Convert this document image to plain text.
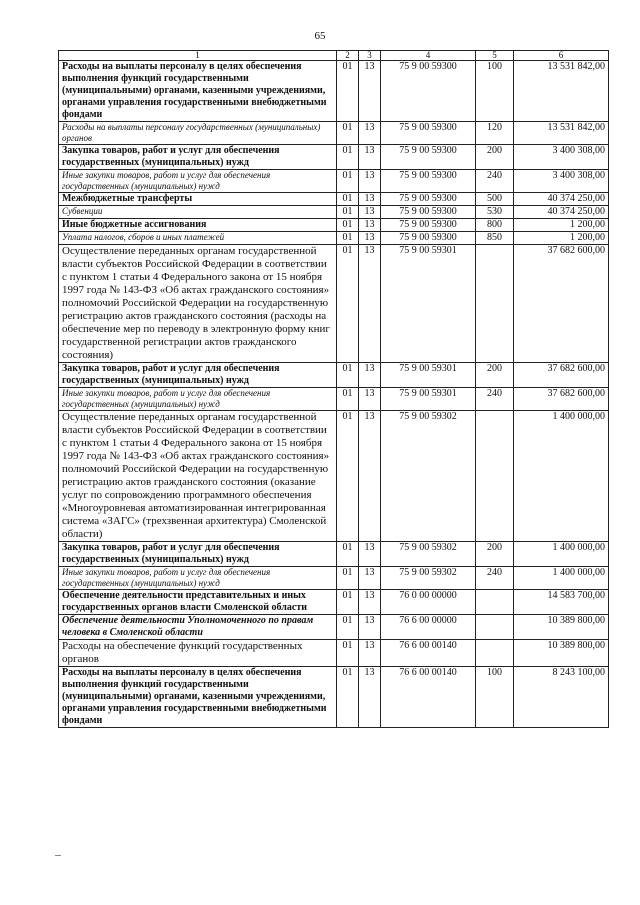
65
1	2	3	4	5	6
Расходы на выплаты персоналу в целях обеспечения выполнения функций государственными (муниципальными) органами, казенными учреждениями, органами управления государственными внебюджетными фондами	01	13	75 9 00 59300	100	13 531 842,00
Расходы на выплаты персоналу государственных (муниципальных) органов	01	13	75 9 00 59300	120	13 531 842,00
Закупка товаров, работ и услуг для обеспечения государственных (муниципальных) нужд	01	13	75 9 00 59300	200	3 400 308,00
Иные закупки товаров, работ и услуг для обеспечения государственных (муниципальных) нужд	01	13	75 9 00 59300	240	3 400 308,00
Межбюджетные трансферты	01	13	75 9 00 59300	500	40 374 250,00
Субвенции	01	13	75 9 00 59300	530	40 374 250,00
Иные бюджетные ассигнования	01	13	75 9 00 59300	800	1 200,00
Уплата налогов, сборов и иных платежей	01	13	75 9 00 59300	850	1 200,00
Осуществление переданных органам государственной власти субъектов Российской Федерации в соответствии с пунктом 1 статьи 4 Федерального закона от 15 ноября 1997 года № 143-ФЗ «Об актах гражданского состояния» полномочий Российской Федерации на государственную регистрацию актов гражданского состояния (расходы на обеспечение мер по переводу в электронную форму книг государственной регистрации актов гражданского состояния)	01	13	75 9 00 59301		37 682 600,00
Закупка товаров, работ и услуг для обеспечения государственных (муниципальных) нужд	01	13	75 9 00 59301	200	37 682 600,00
Иные закупки товаров, работ и услуг для обеспечения государственных (муниципальных) нужд	01	13	75 9 00 59301	240	37 682 600,00
Осуществление переданных органам государственной власти субъектов Российской Федерации в соответствии с пунктом 1 статьи 4 Федерального закона от 15 ноября 1997 года № 143-ФЗ «Об актах гражданского состояния» полномочий Российской Федерации на государственную регистрацию актов гражданского состояния (оказание услуг по сопровождению программного обеспечения «Многоуровневая автоматизированная интегрированная система «ЗАГС» (трехзвенная архитектура) Смоленской области)	01	13	75 9 00 59302		1 400 000,00
Закупка товаров, работ и услуг для обеспечения государственных (муниципальных) нужд	01	13	75 9 00 59302	200	1 400 000,00
Иные закупки товаров, работ и услуг для обеспечения государственных (муниципальных) нужд	01	13	75 9 00 59302	240	1 400 000,00
Обеспечение деятельности представительных и иных государственных органов власти Смоленской области	01	13	76 0 00 00000		14 583 700,00
Обеспечение деятельности Уполномоченного по правам человека в Смоленской области	01	13	76 6 00 00000		10 389 800,00
Расходы на обеспечение функций государственных органов	01	13	76 6 00 00140		10 389 800,00
Расходы на выплаты персоналу в целях обеспечения выполнения функций государственными (муниципальными) органами, казенными учреждениями, органами управления государственными внебюджетными фондами	01	13	76 6 00 00140	100	8 243 100,00
